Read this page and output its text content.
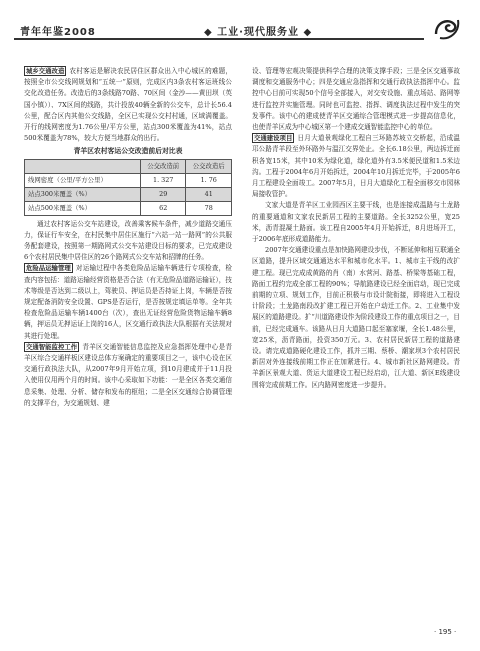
青年年鉴2008	◆ 工业·现代服务业 ◆

城乡交通改造 农村客运是解决农民居住区群众出入中心城区的难题，按照全市公交线网规划和“五统一”原则，完成区内3条农村客运班线公交化改造任务。改造后的3条线路70路、70区间（金沙——黄田坝（英国小镇））、7X区间的线路，共计投放40辆全新的公交车，总计长56.4公里，配合区内其他公交线路，全区已实现公交村村通，区域满覆盖。开行的线网密度为1.76公里/平方公里，站点300米覆盖为41%，站点500米覆盖为78%，较大方便当地群众的出行。

青羊区农村客运公交改造前后对比表
	公交改造前	公交改造后
线网密度（公里/平方公里）	1. 327	1. 76
站点300米覆盖（%）	29	41
站点500米覆盖（%）	62	78

通过农村客运公交车站建设，改善乘客候车条件，减少道路交通压力，保证行车安全，在村民集中居住区施行“六站一站一路网”的公共服务配套建设，按照第一期路网式公交车站建设目标的要求，已完成建设6个农村居民集中居住区的26个路网式公交车站和招牌的任务。

危险品运输管理 对运输过程中各类危险品运输车辆进行专项检查，检查内容包括：道路运输经营资格是否合法（有无危险品道路运输证），技术等级是否达到二级以上，驾驶员、押运员是否持证上岗，车辆是否按规定配备消防安全设置、GPS是否运行，是否按规定填运单等。全年共检查危险品运输车辆1400台（次），查出无证经营危险货物运输车辆8辆，押运员无押运证上岗的16人，区交通行政执法大队根据有关法规对其进行处理。

交通智能监控工作 青羊区交通智能信息监控及应急指挥处理中心是青羊区综合交通样板区建设总体方案确定的重要项目之一，该中心设在区交通行政执法大队，从2007年9月开始立项，到10月建成并于11月投入使用仅用两个月的时间。该中心采取如下功能：一是全区各类交通信息采集、处理、分析、储存和发布的枢纽；二是全区交通综合协调管理的支撑平台，为交通规划、建

设、管理等宏观决策提供科学合理的决策支撑手段；三是全区交通事故调度和交通服务中心；四是交通应急指挥和交通行政执法指挥中心。监控中心目前可实现50个信号全部接入，对交安设施、重点场站、路网等进行监控并实施管理。同时也可监控、指挥、调度执法过程中发生的突发事件。该中心的建成使青羊区交通综合管理模式进一步提高信息化，也使青羊区成为中心城区第一个建成交通智能监控中心的单位。

交通建设项目 日月大道景观绿化工程自三环路苏坡立交桥起，沿成温邛公路青羊段至外环路外与温江交界处止。全长6.18公里，两边拆迁面积各宽15米，其中10米为绿化道，绿化道外有3.5米便民道和1.5米边沟。工程于2004年6月开始拆迁，2004年10月拆迁完毕，于2005年6月工程建设全面竣工。2007年5月，日月大道绿化工程全面移交市园林局接收管护。

文家大道是青羊区工业园西区主要干线，也是连接成温路与土龙路的重要通道和文家农民新居工程的主要道路。全长3252公里，宽25米，沥青混凝土路面。该工程自2005年4月开始拆迁，8月进场开工，于2006年底形成道路能力。

2007年交通建设重点是加快路网建设步伐，不断延伸和相互联通全区道路，提升区域交通通达水平和城市化水平。1、城市主干线的改扩建工程。现已完成成黄路的肖（南）水营河、路基、桥梁等基础工程，路面工程约完成全部工程的90%；导航路建设已经全面启动，现已完成前期的立项、规划工作，目前正积极与市设计院衔接，即将进入工程设计阶段；土龙路南段改扩建工程已开始在户动迁工作。2、工业集中发展区的道路建设。扩“川道路建设作为阶段建设工作的重点项目之一，目前，已经完成通车。该路从日月大道路口起至塞家堰，全长1.48公里，宽25米，沥青路面，投资350万元。3、农村居民新居工程的道路建设。请完成道路硬化建设工作，抓并三期、蔡桥、潮家坝3个农村居民新居对外连接线前期工作正在加紧进行。4、城市新社区路网建设。青羊新区景观大道、货运大道建设工程已经启动，江大道、新区E线建设围将完成前期工作。区内路网密度进一步提升。

· 195 ·
